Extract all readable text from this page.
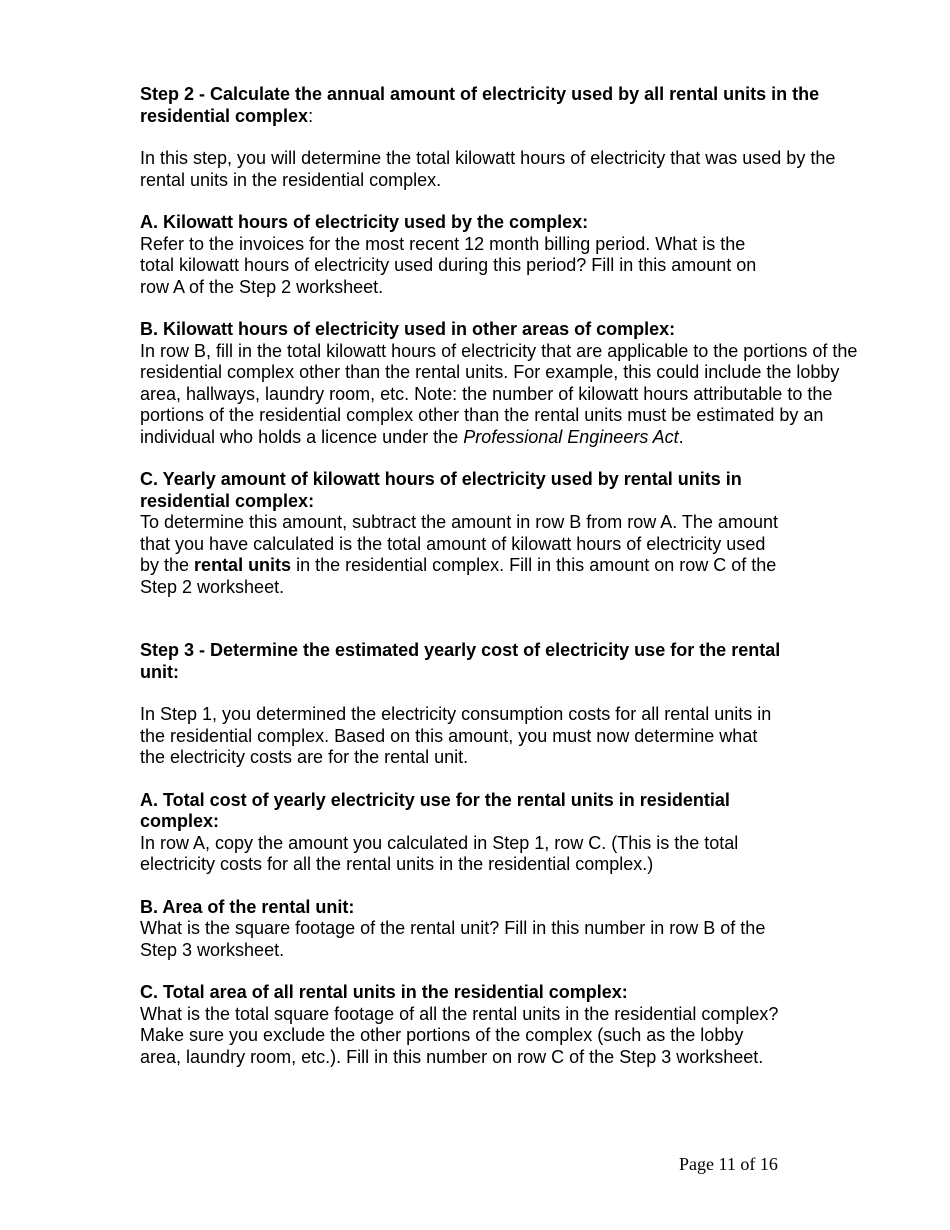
Step 2 - Calculate the annual amount of electricity used by all rental units in the
residential complex:

In this step, you will determine the total kilowatt hours of electricity that was used by the
rental units in the residential complex.

A. Kilowatt hours of electricity used by the complex:
Refer to the invoices for the most recent 12 month billing period. What is the
total kilowatt hours of electricity used during this period? Fill in this amount on
row A of the Step 2 worksheet.
B. Kilowatt hours of electricity used in other areas of complex:
In row B, fill in the total kilowatt hours of electricity that are applicable to the portions of the
residential complex other than the rental units. For example, this could include the lobby
area, hallways, laundry room, etc. Note: the number of kilowatt hours attributable to the
portions of the residential complex other than the rental units must be estimated by an
individual who holds a licence under the Professional Engineers Act.
C. Yearly amount of kilowatt hours of electricity used by rental units in
residential complex:
To determine this amount, subtract the amount in row B from row A. The amount
that you have calculated is the total amount of kilowatt hours of electricity used
by the rental units in the residential complex. Fill in this amount on row C of the
Step 2 worksheet.
Step 3 - Determine the estimated yearly cost of electricity use for the rental
unit:
In Step 1, you determined the electricity consumption costs for all rental units in
the residential complex. Based on this amount, you must now determine what
the electricity costs are for the rental unit.
A. Total cost of yearly electricity use for the rental units in residential
complex:
In row A, copy the amount you calculated in Step 1, row C. (This is the total
electricity costs for all the rental units in the residential complex.)
B. Area of the rental unit:
What is the square footage of the rental unit? Fill in this number in row B of the
Step 3 worksheet.
C. Total area of all rental units in the residential complex:
What is the total square footage of all the rental units in the residential complex?
Make sure you exclude the other portions of the complex (such as the lobby
area, laundry room, etc.). Fill in this number on row C of the Step 3 worksheet.
Page 11 of 16
